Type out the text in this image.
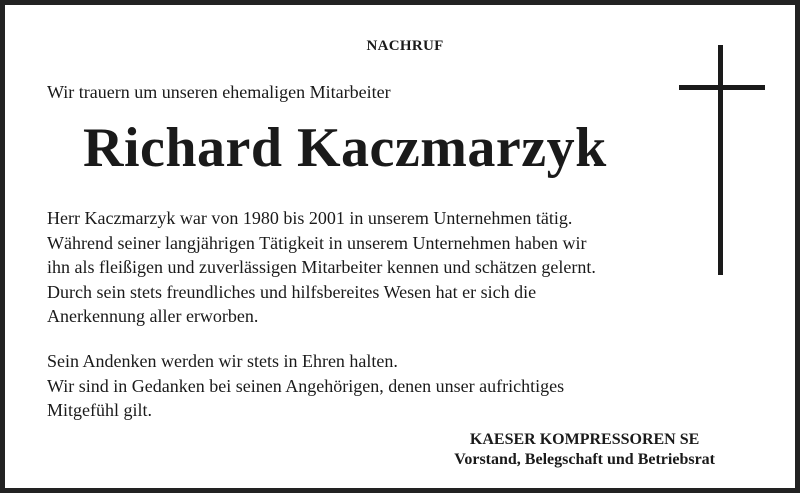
NACHRUF
Wir trauern um unseren ehemaligen Mitarbeiter
Richard Kaczmarzyk
Herr Kaczmarzyk war von 1980 bis 2001 in unserem Unternehmen tätig.
Während seiner langjährigen Tätigkeit in unserem Unternehmen haben wir
ihn als fleißigen und zuverlässigen Mitarbeiter kennen und schätzen gelernt.
Durch sein stets freundliches und hilfsbereites Wesen hat er sich die
Anerkennung aller erworben.
Sein Andenken werden wir stets in Ehren halten.
Wir sind in Gedanken bei seinen Angehörigen, denen unser aufrichtiges
Mitgefühl gilt.
KAESER KOMPRESSOREN SE
Vorstand, Belegschaft und Betriebsrat
